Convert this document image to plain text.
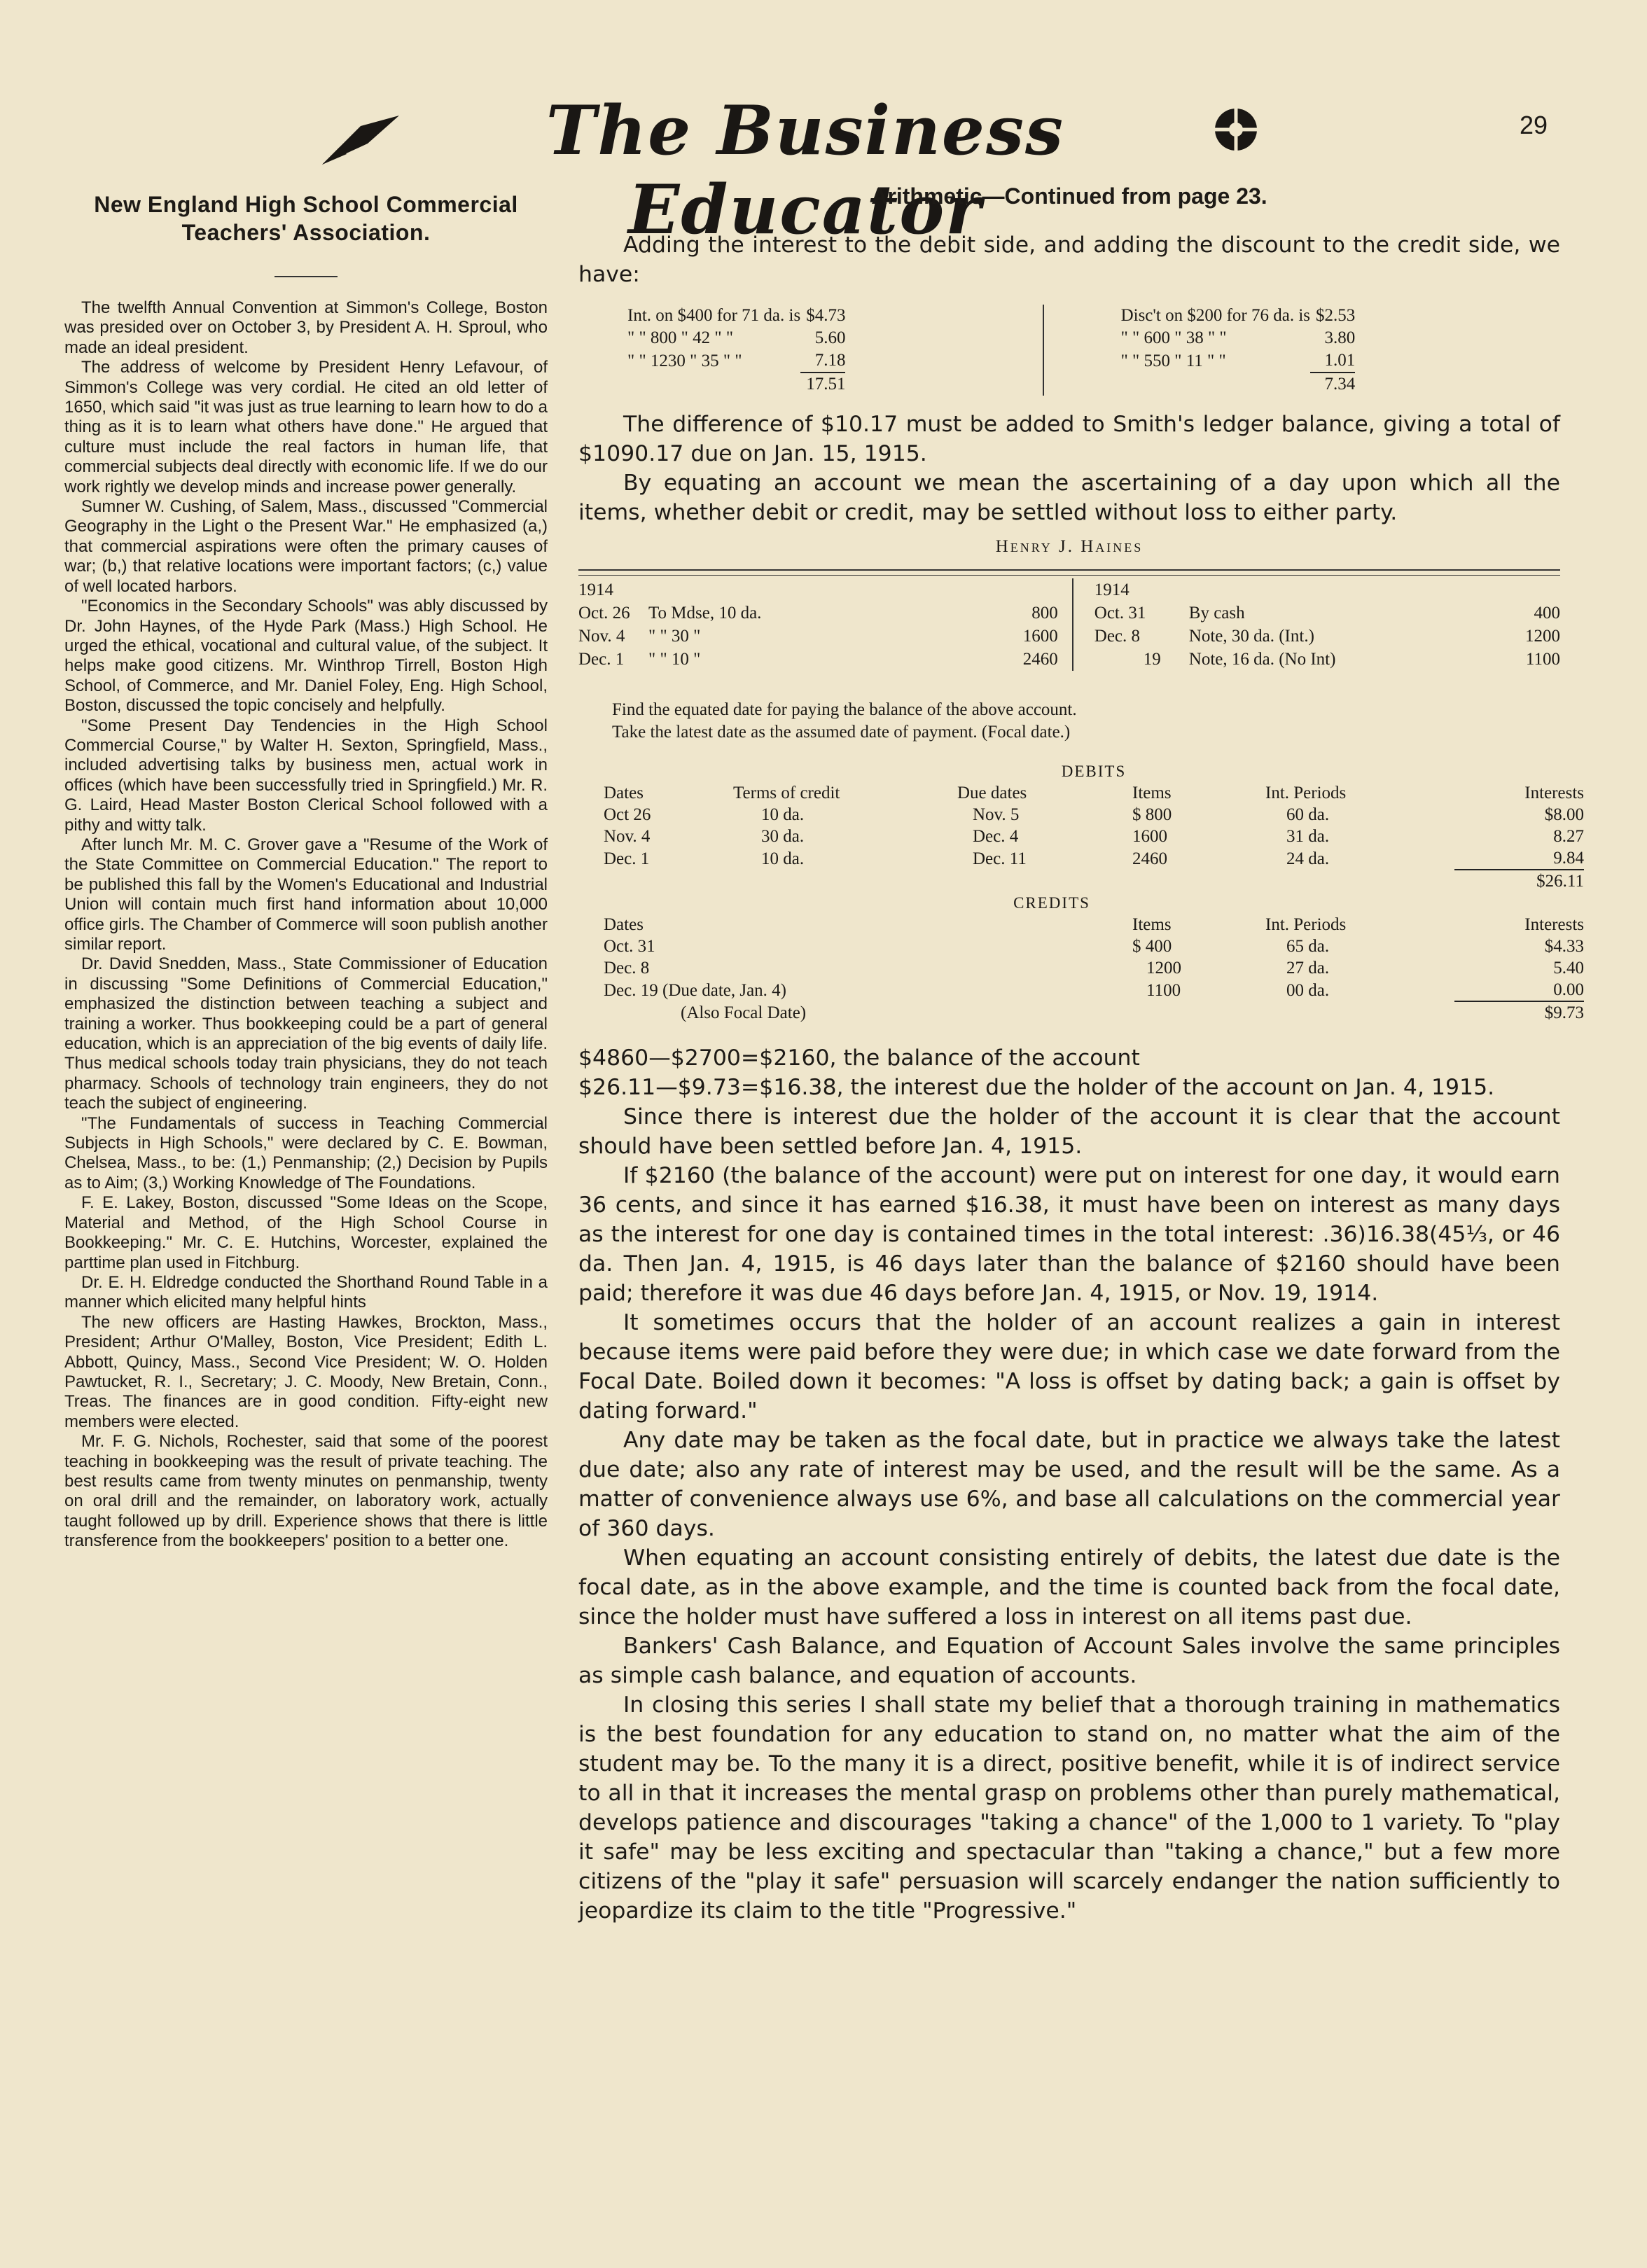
The Business Educator
29
New England High School Commercial Teachers' Association.

The twelfth Annual Convention at Simmon's College, Boston was presided over on October 3, by President A. H. Sproul, who made an ideal president.

The address of welcome by President Henry Lefavour, of Simmon's College was very cordial. He cited an old letter of 1650, which said "it was just as true learning to learn how to do a thing as it is to learn what others have done." He argued that culture must include the real factors in human life, that commercial subjects deal directly with economic life. If we do our work rightly we develop minds and increase power generally.

Sumner W. Cushing, of Salem, Mass., discussed "Commercial Geography in the Light o the Present War." He emphasized (a,) that commercial aspirations were often the primary causes of war; (b,) that relative locations were important factors; (c,) value of well located harbors.

"Economics in the Secondary Schools" was ably discussed by Dr. John Haynes, of the Hyde Park (Mass.) High School. He urged the ethical, vocational and cultural value, of the subject. It helps make good citizens. Mr. Winthrop Tirrell, Boston High School, of Commerce, and Mr. Daniel Foley, Eng. High School, Boston, discussed the topic concisely and helpfully.

"Some Present Day Tendencies in the High School Commercial Course," by Walter H. Sexton, Springfield, Mass., included advertising talks by business men, actual work in offices (which have been successfully tried in Springfield.) Mr. R. G. Laird, Head Master Boston Clerical School followed with a pithy and witty talk.

After lunch Mr. M. C. Grover gave a "Resume of the Work of the State Committee on Commercial Education." The report to be published this fall by the Women's Educational and Industrial Union will contain much first hand information about 10,000 office girls. The Chamber of Commerce will soon publish another similar report.

Dr. David Snedden, Mass., State Commissioner of Education in discussing "Some Definitions of Commercial Education," emphasized the distinction between teaching a subject and training a worker. Thus bookkeeping could be a part of general education, which is an appreciation of the big events of daily life. Thus medical schools today train physicians, they do not teach pharmacy. Schools of technology train engineers, they do not teach the subject of engineering.

"The Fundamentals of success in Teaching Commercial Subjects in High Schools," were declared by C. E. Bowman, Chelsea, Mass., to be: (1,) Penmanship; (2,) Decision by Pupils as to Aim; (3,) Working Knowledge of The Foundations.

F. E. Lakey, Boston, discussed "Some Ideas on the Scope, Material and Method, of the High School Course in Bookkeeping." Mr. C. E. Hutchins, Worcester, explained the parttime plan used in Fitchburg.

Dr. E. H. Eldredge conducted the Shorthand Round Table in a manner which elicited many helpful hints

The new officers are Hasting Hawkes, Brockton, Mass., President; Arthur O'Malley, Boston, Vice President; Edith L. Abbott, Quincy, Mass., Second Vice President; W. O. Holden Pawtucket, R. I., Secretary; J. C. Moody, New Bretain, Conn., Treas. The finances are in good condition. Fifty-eight new members were elected.

Mr. F. G. Nichols, Rochester, said that some of the poorest teaching in bookkeeping was the result of private teaching. The best results came from twenty minutes on penmanship, twenty on oral drill and the remainder, on laboratory work, actually taught followed up by drill. Experience shows that there is little transference from the bookkeepers' position to a better one.

Arithmetic—Continued from page 23.

Adding the interest to the debit side, and adding the discount to the credit side, we have:

Int. on $400 for 71 da. is	$4.73
" " 800 " 42 " "	5.60
" " 1230 " 35 " "	7.18
	17.51
Disc't on $200 for 76 da. is	$2.53
" " 600 " 38 " "	3.80
" " 550 " 11 " "	1.01
	7.34

The difference of $10.17 must be added to Smith's ledger balance, giving a total of $1090.17 due on Jan. 15, 1915.

By equating an account we mean the ascertaining of a day upon which all the items, whether debit or credit, may be settled without loss to either party.

Henry J. Haines
1914		
Oct. 26	To Mdse, 10 da.	800
Nov. 4	" " 30 "	1600
Dec. 1	" " 10 "	2460
1914		
Oct. 31	By cash	400
Dec. 8	Note, 30 da. (Int.)	1200
19	Note, 16 da. (No Int)	1100
Find the equated date for paying the balance of the above account.
Take the latest date as the assumed date of payment. (Focal date.)
DEBITS					
Dates	Terms of credit	Due dates	Items	Int. Periods	Interests
Oct 26	10 da.	Nov. 5	$ 800	60 da.	$8.00
Nov. 4	30 da.	Dec. 4	1600	31 da.	8.27
Dec. 1	10 da.	Dec. 11	2460	24 da.	9.84
					$26.11
CREDITS					
Dates			Items	Int. Periods	Interests
Oct. 31			$ 400	65 da.	$4.33
Dec. 8			1200	27 da.	5.40
Dec. 19 (Due date, Jan. 4)			1100	00 da.	0.00
(Also Focal Date)					$9.73

$4860—$2700=$2160, the balance of the account

$26.11—$9.73=$16.38, the interest due the holder of the account on Jan. 4, 1915.

Since there is interest due the holder of the account it is clear that the account should have been settled before Jan. 4, 1915.

If $2160 (the balance of the account) were put on interest for one day, it would earn 36 cents, and since it has earned $16.38, it must have been on interest as many days as the interest for one day is contained times in the total interest: .36)16.38(45⅓, or 46 da. Then Jan. 4, 1915, is 46 days later than the balance of $2160 should have been paid; therefore it was due 46 days before Jan. 4, 1915, or Nov. 19, 1914.

It sometimes occurs that the holder of an account realizes a gain in interest because items were paid before they were due; in which case we date forward from the Focal Date. Boiled down it becomes: "A loss is offset by dating back; a gain is offset by dating forward."

Any date may be taken as the focal date, but in practice we always take the latest due date; also any rate of interest may be used, and the result will be the same. As a matter of convenience always use 6%, and base all calculations on the commercial year of 360 days.

When equating an account consisting entirely of debits, the latest due date is the focal date, as in the above example, and the time is counted back from the focal date, since the holder must have suffered a loss in interest on all items past due.

Bankers' Cash Balance, and Equation of Account Sales involve the same principles as simple cash balance, and equation of accounts.

In closing this series I shall state my belief that a thorough training in mathematics is the best foundation for any education to stand on, no matter what the aim of the student may be. To the many it is a direct, positive benefit, while it is of indirect service to all in that it increases the mental grasp on problems other than purely mathematical, develops patience and discourages "taking a chance" of the 1,000 to 1 variety. To "play it safe" may be less exciting and spectacular than "taking a chance," but a few more citizens of the "play it safe" persuasion will scarcely endanger the nation sufficiently to jeopardize its claim to the title "Progressive."
